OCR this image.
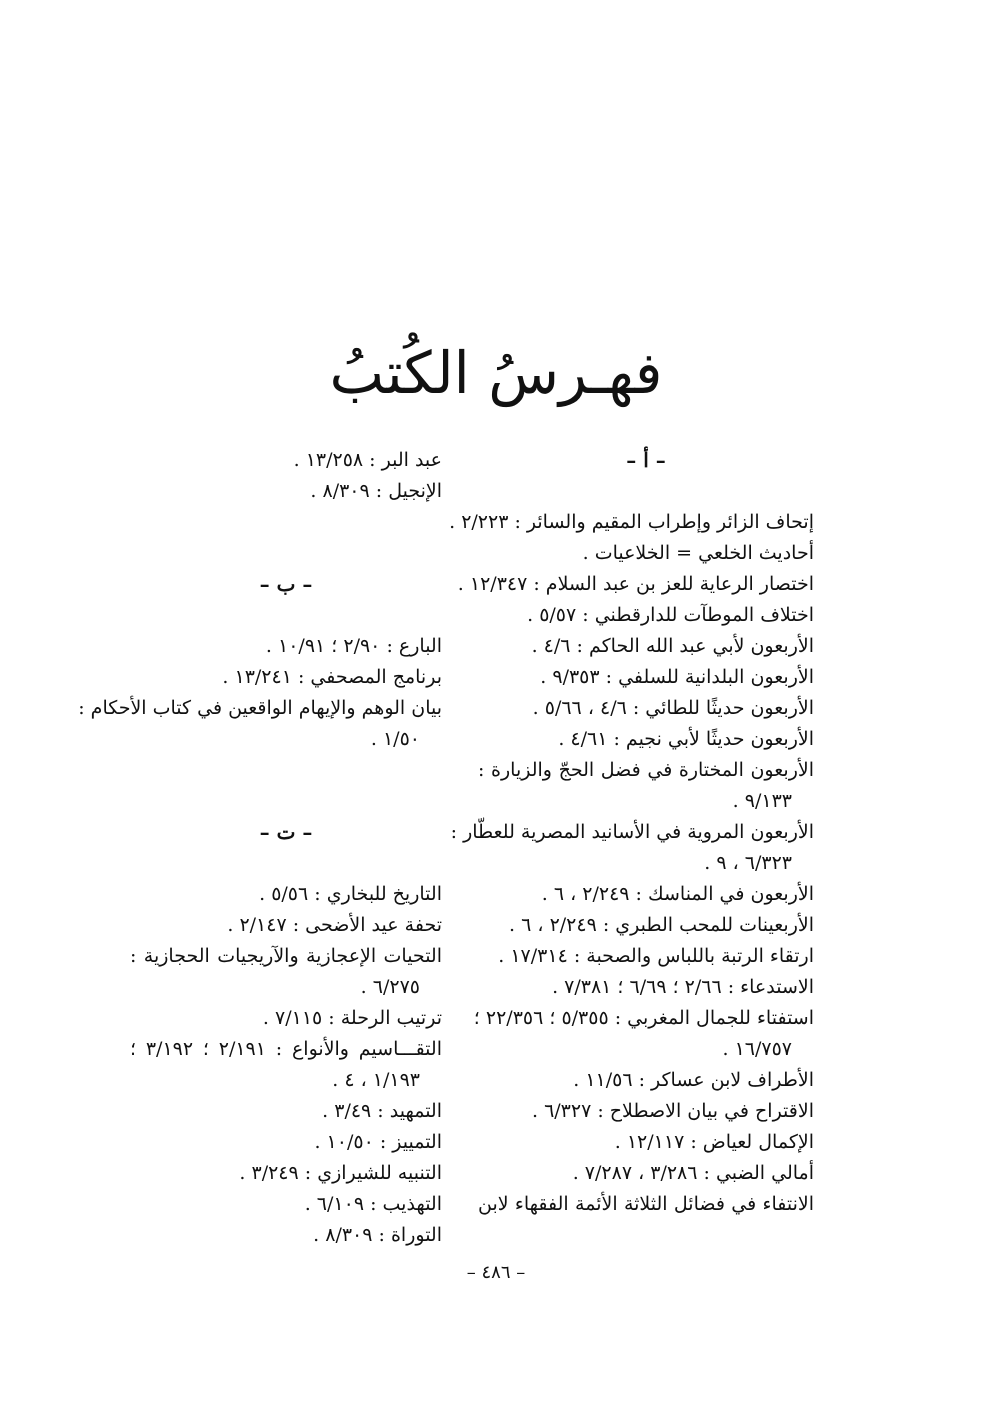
فهـرسُ الكُتبُ
– أ –
إتحاف الزائر وإطراب المقيم والسائر : ٢/٢٢٣ .
أحاديث الخلعي = الخلاعيات .
اختصار الرعاية للعز بن عبد السلام : ١٢/٣٤٧ .
اختلاف الموطآت للدارقطني : ٥/٥٧ .
الأربعون لأبي عبد الله الحاكم : ٤/٦ .
الأربعون البلدانية للسلفي : ٩/٣٥٣ .
الأربعون حديثًا للطائي : ٤/٦ ، ٥/٦٦ .
الأربعون حديثًا لأبي نجيم : ٤/٦١ .
الأربعون المختارة في فضل الحجّ والزيارة :
٩/١٣٣ .
الأربعون المروية في الأسانيد المصرية للعطّار :
٦/٣٢٣ ، ٩ .
الأربعون في المناسك : ٢/٢٤٩ ، ٦ .
الأربعينات للمحب الطبري : ٢/٢٤٩ ، ٦ .
ارتقاء الرتبة باللباس والصحبة : ١٧/٣١٤ .
الاستدعاء : ٢/٦٦ ؛ ٦/٦٩ ؛ ٧/٣٨١ .
استفتاء للجمال المغربي : ٥/٣٥٥ ؛ ٢٢/٣٥٦ ؛
١٦/٧٥٧ .
الأطراف لابن عساكر : ١١/٥٦ .
الاقتراح في بيان الاصطلاح : ٦/٣٢٧ .
الإكمال لعياض : ١٢/١١٧ .
أمالي الضبي : ٣/٢٨٦ ، ٧/٢٨٧ .
الانتفاء في فضائل الثلاثة الأئمة الفقهاء لابن
عبد البر : ١٣/٢٥٨ .
الإنجيل : ٨/٣٠٩ .
– ب –
البارع : ٢/٩٠ ؛ ١٠/٩١ .
برنامج المصحفي : ١٣/٢٤١ .
بيان الوهم والإيهام الواقعين في كتاب الأحكام :
١/٥٠ .
– ت –
التاريخ للبخاري : ٥/٥٦ .
تحفة عيد الأضحى : ٢/١٤٧ .
التحيات الإعجازية والآريجيات الحجازية :
٦/٢٧٥ .
ترتيب الرحلة : ٧/١١٥ .
التقـــاسيم والأنواع : ٢/١٩١ ؛ ٣/١٩٢ ؛
١/١٩٣ ، ٤ .
التمهيد : ٣/٤٩ .
التمييز : ١٠/٥٠ .
التنبيه للشيرازي : ٣/٢٤٩ .
التهذيب : ٦/١٠٩ .
التوراة : ٨/٣٠٩ .
– ٤٨٦ –
